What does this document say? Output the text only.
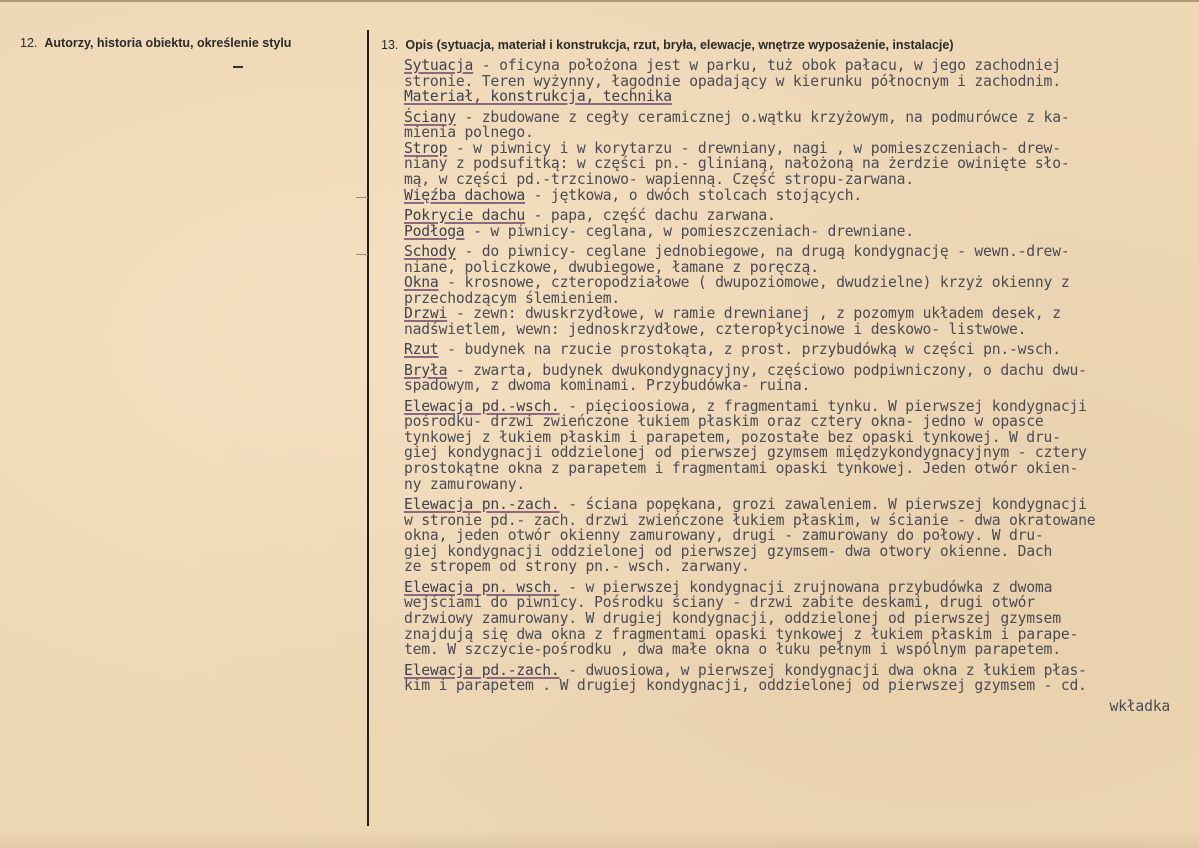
12. Autorzy, historia obiektu, określenie stylu	13. Opis (sytuacja, materiał i konstrukcja, rzut, bryła, elewacje, wnętrze wyposażenie, instalacje)
Sytuacja - oficyna położona jest w parku, tuż obok pałacu, w jego zachodniej
stronie. Teren wyżynny, łagodnie opadający w kierunku północnym i zachodnim.
Materiał, konstrukcja, technika
Ściany - zbudowane z cegły ceramicznej o.wątku krzyżowym, na podmurówce z ka-
mienia polnego.
Strop - w piwnicy i w korytarzu - drewniany, nagi , w pomieszczeniach- drew-
niany z podsufitką: w części pn.- glinianą, nałożoną na żerdzie owinięte sło-
mą, w części pd.-trzcinowo- wapienną. Część stropu-zarwana.
Więźba dachowa - jętkowa, o dwóch stolcach stojących.
Pokrycie dachu - papa, część dachu zarwana.
Podłoga - w piwnicy- ceglana, w pomieszczeniach- drewniane.
Schody - do piwnicy- ceglane jednobiegowe, na drugą kondygnację - wewn.-drew-
niane, policzkowe, dwubiegowe, łamane z poręczą.
Okna - krosnowe, czteropodziałowe ( dwupoziomowe, dwudzielne) krzyż okienny z
przechodzącym ślemieniem.
Drzwi - zewn: dwuskrzydłowe, w ramie drewnianej , z pozomym układem desek, z
nadświetlem, wewn: jednoskrzydłowe, czteropłycinowe i deskowo- listwowe.
Rzut - budynek na rzucie prostokąta, z prost. przybudówką w części pn.-wsch.
Bryła - zwarta, budynek dwukondygnacyjny, częściowo podpiwniczony, o dachu dwu-
spadowym, z dwoma kominami. Przybudówka- ruina.
Elewacja pd.-wsch. - pięcioosiowa, z fragmentami tynku. W pierwszej kondygnacji
pośrodku- drzwi zwieńczone łukiem płaskim oraz cztery okna- jedno w opasce
tynkowej z łukiem płaskim i parapetem, pozostałe bez opaski tynkowej. W dru-
giej kondygnacji oddzielonej od pierwszej gzymsem międzykondygnacyjnym - cztery
prostokątne okna z parapetem i fragmentami opaski tynkowej. Jeden otwór okien-
ny zamurowany.
Elewacja pn.-zach. - ściana popękana, grozi zawaleniem. W pierwszej kondygnacji
w stronie pd.- zach. drzwi zwieńczone łukiem płaskim, w ścianie - dwa okratowane
okna, jeden otwór okienny zamurowany, drugi - zamurowany do połowy. W dru-
giej kondygnacji oddzielonej od pierwszej gzymsem- dwa otwory okienne. Dach
ze stropem od strony pn.- wsch. zarwany.
Elewacja pn. wsch. - w pierwszej kondygnacji zrujnowana przybudówka z dwoma
wejściami do piwnicy. Pośrodku ściany - drzwi zabite deskami, drugi otwór
drzwiowy zamurowany. W drugiej kondygnacji, oddzielonej od pierwszej gzymsem
znajdują się dwa okna z fragmentami opaski tynkowej z łukiem płaskim i parape-
tem. W szczycie-pośrodku , dwa małe okna o łuku pełnym i wspólnym parapetem.
Elewacja pd.-zach. - dwuosiowa, w pierwszej kondygnacji dwa okna z łukiem płas-
kim i parapetem . W drugiej kondygnacji, oddzielonej od pierwszej gzymsem - cd.
wkładka
